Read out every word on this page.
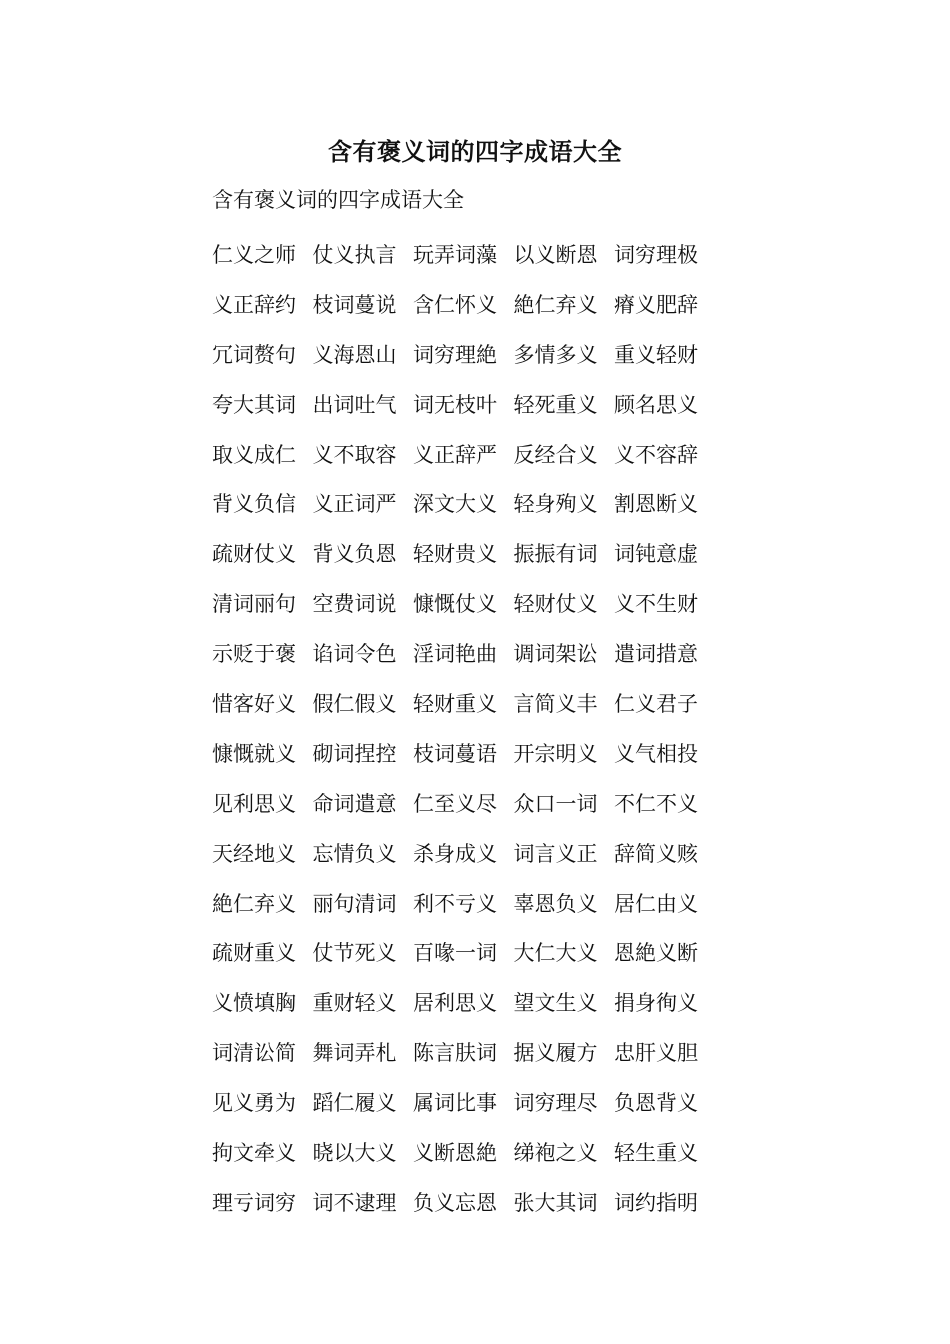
含有褒义词的四字成语大全
含有褒义词的四字成语大全
仁义之师 仗义执言 玩弄词藻 以义断恩 词穷理极
义正辞约 枝词蔓说 含仁怀义 絶仁弃义 瘠义肥辞
冗词赘句 义海恩山 词穷理絶 多情多义 重义轻财
夸大其词 出词吐气 词无枝叶 轻死重义 顾名思义
取义成仁 义不取容 义正辞严 反经合义 义不容辞
背义负信 义正词严 深文大义 轻身殉义 割恩断义
疏财仗义 背义负恩 轻财贵义 振振有词 词钝意虚
清词丽句 空费词说 慷慨仗义 轻财仗义 义不生财
示贬于褒 谄词令色 淫词艳曲 调词架讼 遣词措意
惜客好义 假仁假义 轻财重义 言简义丰 仁义君子
慷慨就义 砌词捏控 枝词蔓语 开宗明义 义气相投
见利思义 命词遣意 仁至义尽 众口一词 不仁不义
天经地义 忘情负义 杀身成义 词言义正 辞简义赅
絶仁弃义 丽句清词 利不亏义 辜恩负义 居仁由义
疏财重义 仗节死义 百喙一词 大仁大义 恩絶义断
义愤填胸 重财轻义 居利思义 望文生义 捐身徇义
词清讼简 舞词弄札 陈言肤词 据义履方 忠肝义胆
见义勇为 蹈仁履义 属词比事 词穷理尽 负恩背义
拘文牵义 晓以大义 义断恩絶 绨袍之义 轻生重义
理亏词穷 词不逮理 负义忘恩 张大其词 词约指明
